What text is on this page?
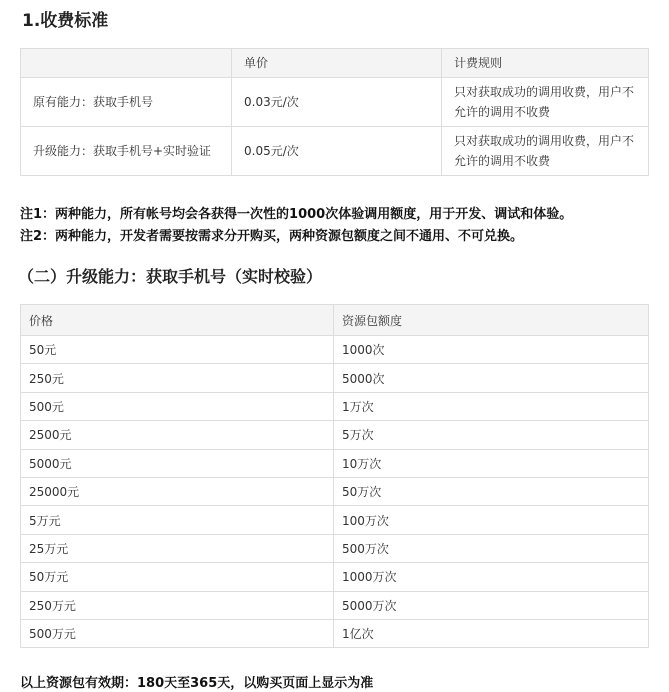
1.收费标准
	单价	计费规则
原有能力：获取手机号	0.03元/次	只对获取成功的调用收费，用户不允许的调用不收费
升级能力：获取手机号+实时验证	0.05元/次	只对获取成功的调用收费，用户不允许的调用不收费
注1：两种能力，所有帐号均会各获得一次性的1000次体验调用额度，用于开发、调试和体验。
注2：两种能力，开发者需要按需求分开购买，两种资源包额度之间不通用、不可兑换。
（二）升级能力：获取手机号（实时校验）
价格	资源包额度
50元	1000次
250元	5000次
500元	1万次
2500元	5万次
5000元	10万次
25000元	50万次
5万元	100万次
25万元	500万次
50万元	1000万次
250万元	5000万次
500万元	1亿次
以上资源包有效期：180天至365天，以购买页面上显示为准
